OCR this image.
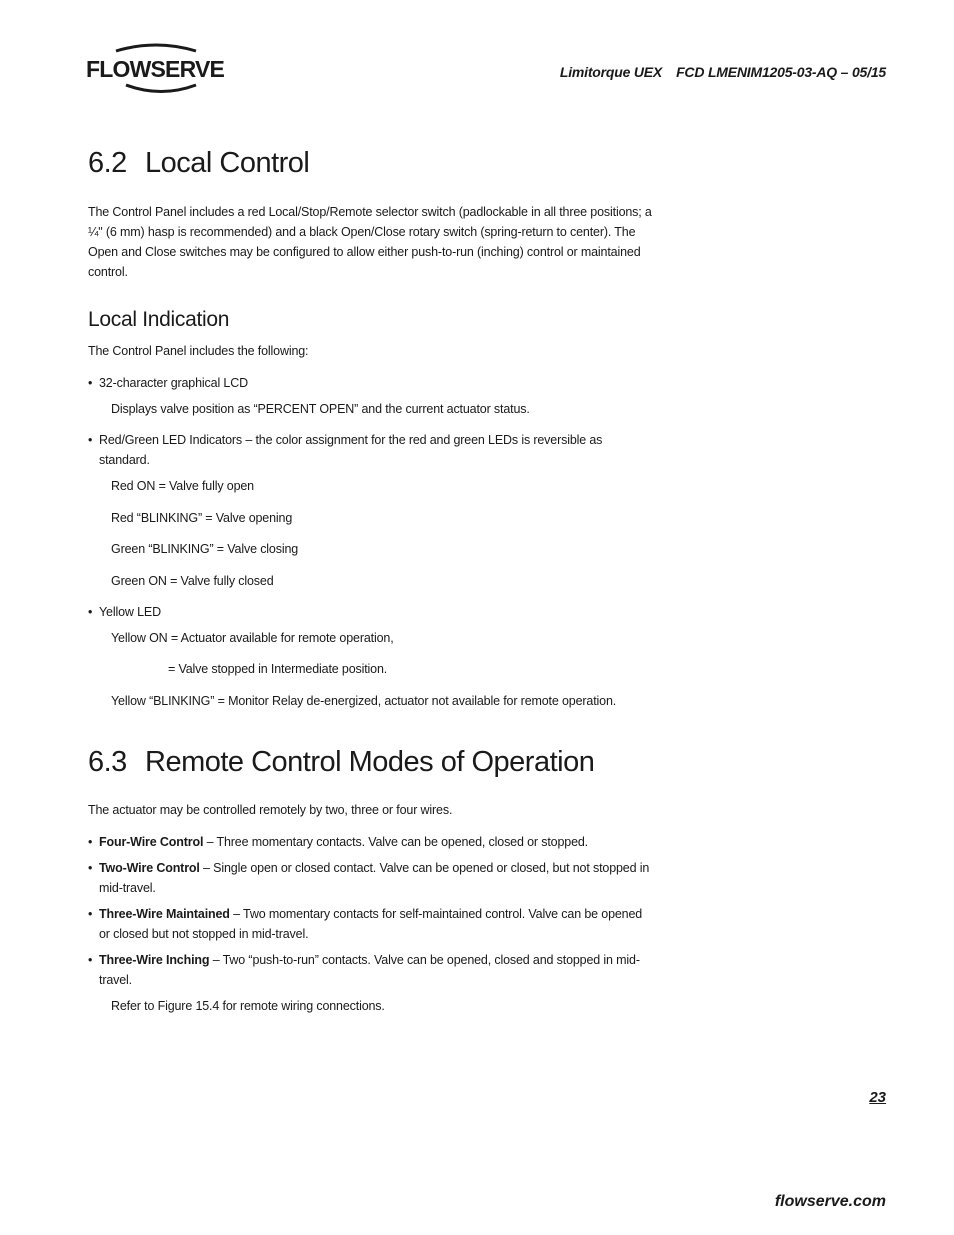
FLOWSERVE	Limitorque UEX FCD LMENIM1205-03-AQ – 05/15
6.2 Local Control

The Control Panel includes a red Local/Stop/Remote selector switch (padlockable in all three positions; a ¼" (6 mm) hasp is recommended) and a black Open/Close rotary switch (spring-return to center). The Open and Close switches may be configured to allow either push-to-run (inching) control or maintained control.

Local Indication
The Control Panel includes the following:
• 32-character graphical LCD
Displays valve position as “PERCENT OPEN” and the current actuator status.
• Red/Green LED Indicators – the color assignment for the red and green LEDs is reversible as standard.
Red ON = Valve fully open
Red “BLINKING” = Valve opening
Green “BLINKING” = Valve closing
Green ON = Valve fully closed
• Yellow LED
Yellow ON = Actuator available for remote operation,
= Valve stopped in Intermediate position.
Yellow “BLINKING” = Monitor Relay de-energized, actuator not available for remote operation.
6.3 Remote Control Modes of Operation
The actuator may be controlled remotely by two, three or four wires.
• Four-Wire Control – Three momentary contacts. Valve can be opened, closed or stopped.
• Two-Wire Control – Single open or closed contact. Valve can be opened or closed, but not stopped in mid-travel.
• Three-Wire Maintained – Two momentary contacts for self-maintained control. Valve can be opened or closed but not stopped in mid-travel.
• Three-Wire Inching – Two “push-to-run” contacts. Valve can be opened, closed and stopped in mid-travel.
Refer to Figure 15.4 for remote wiring connections.
23
flowserve.com
